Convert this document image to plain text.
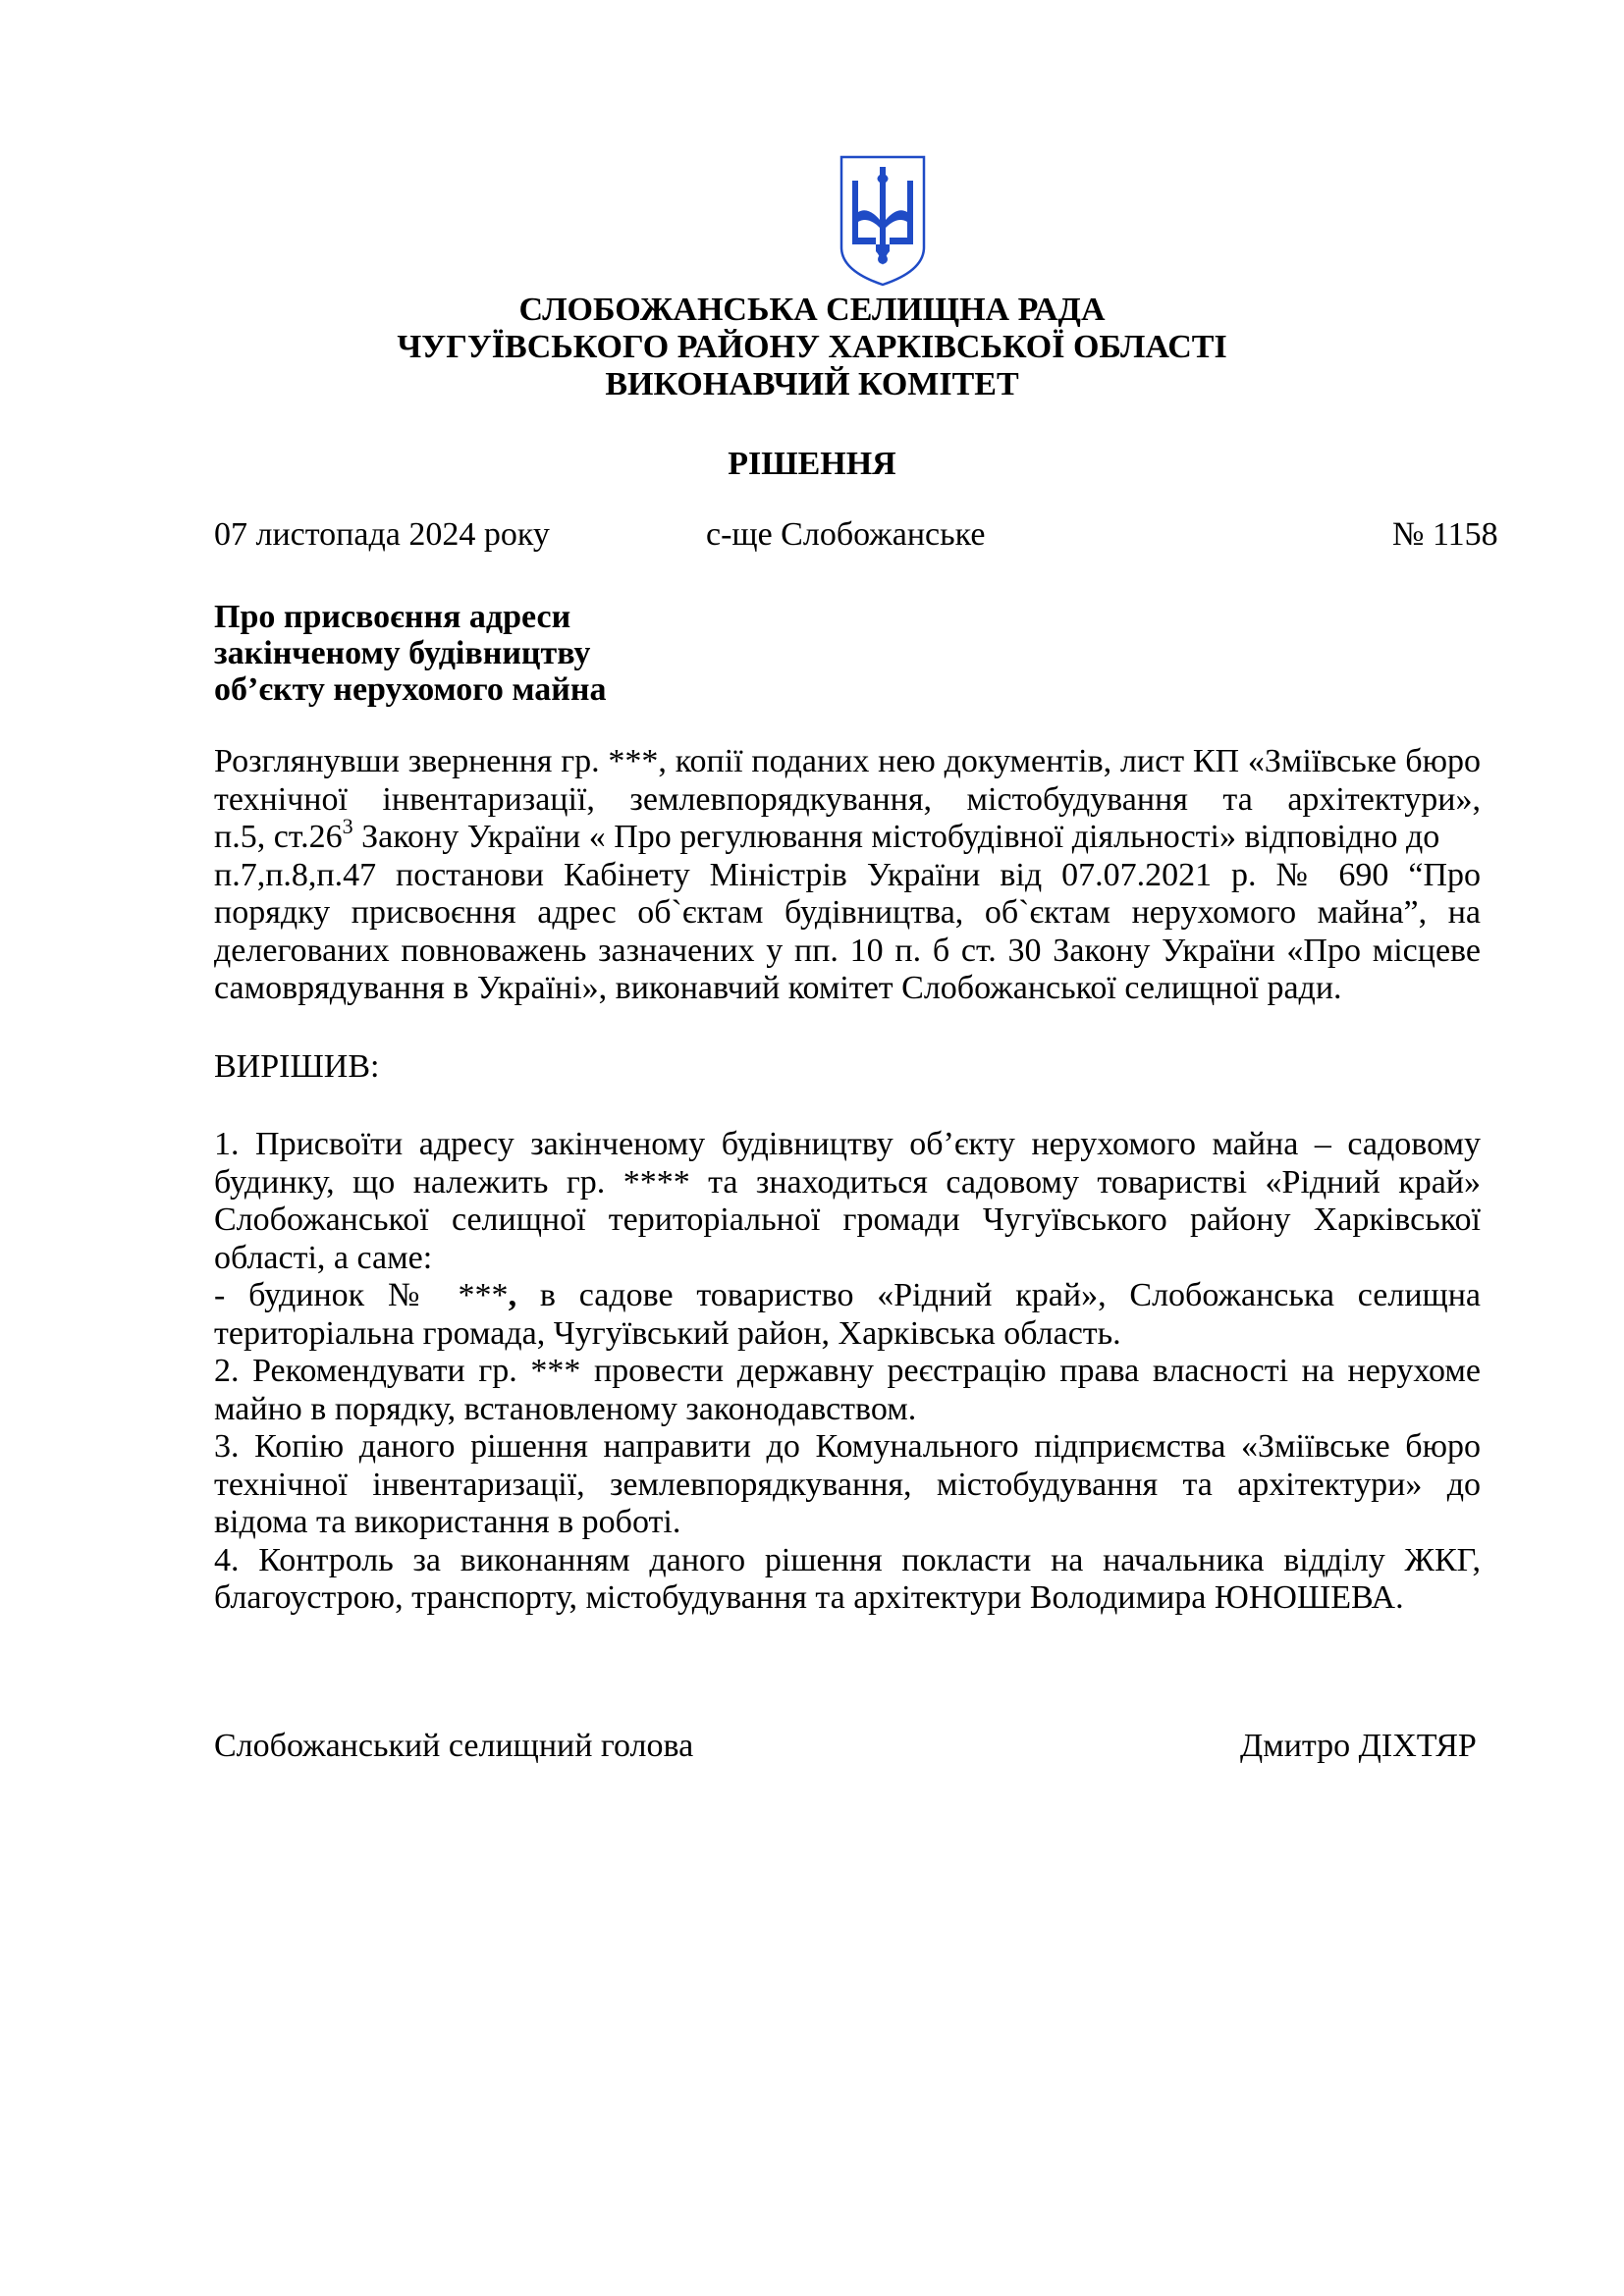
СЛОБОЖАНСЬКА СЕЛИЩНА РАДА
ЧУГУЇВСЬКОГО РАЙОНУ ХАРКІВСЬКОЇ ОБЛАСТІ
ВИКОНАВЧИЙ КОМІТЕТ
РІШЕННЯ
07 листопада 2024 року	с-ще Слобожанське	№ 1158
Про присвоєння адреси
закінченому будівництву
об’єкту нерухомого майна
Розглянувши звернення гр. ***, копії поданих нею документів, лист КП «Зміївське бюро
технічної інвентаризації, землевпорядкування, містобудування та архітектури»,
п.5, $ст.26^3$ Закону України « Про регулювання містобудівної діяльності» відповідно до
п.7,п.8,п.47 постанови Кабінету Міністрів України від 07.07.2021 р. № 690 “Про
порядку присвоєння адрес об`єктам будівництва, об`єктам нерухомого майна”, на
делегованих повноважень зазначених у пп. 10 п. б ст. 30 Закону України «Про місцеве
самоврядування в Україні», виконавчий комітет Слобожанської селищної ради.
ВИРІШИВ:
1. Присвоїти адресу закінченому будівництву об’єкту нерухомого майна – садовому будинку, що належить гр. **** та знаходиться садовому товаристві «Рідний край» Слобожанської селищної територіальної громади Чугуївського району Харківської області, а саме:
- будинок № ***, в садове товариство «Рідний край», Слобожанська селищна територіальна громада, Чугуївський район, Харківська область.
2. Рекомендувати гр. *** провести державну реєстрацію права власності на нерухоме майно в порядку, встановленому законодавством.
3. Копію даного рішення направити до Комунального підприємства «Зміївське бюро технічної інвентаризації, землевпорядкування, містобудування та архітектури» до відома та використання в роботі.
4. Контроль за виконанням даного рішення покласти на начальника відділу ЖКГ, благоустрою, транспорту, містобудування та архітектури Володимира ЮНОШЕВА.
Слобожанський селищний голова	Дмитро ДІХТЯР
